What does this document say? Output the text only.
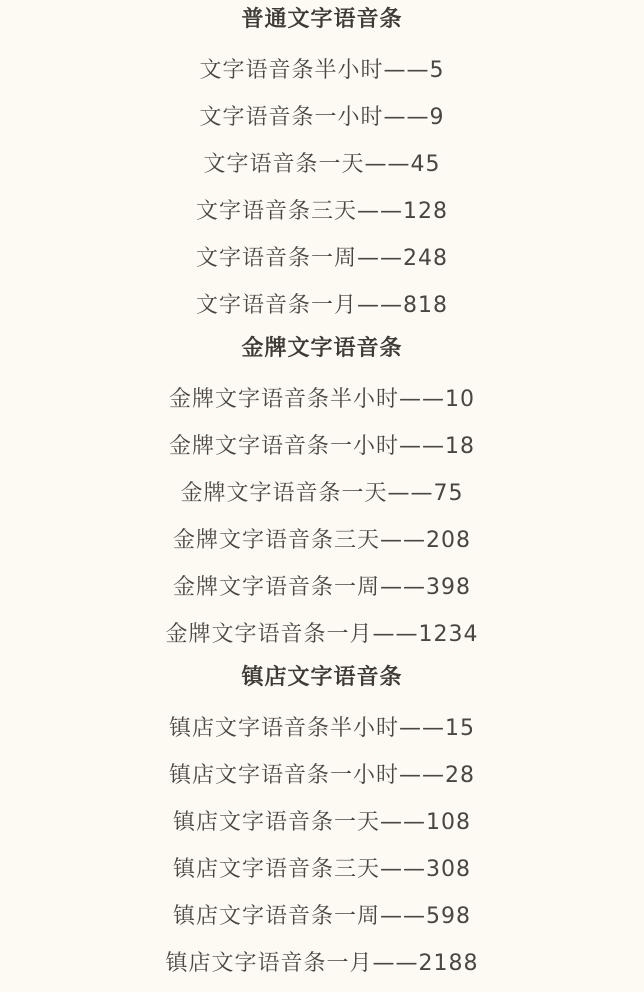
普通文字语音条
文字语音条半小时——5
文字语音条一小时——9
文字语音条一天——45
文字语音条三天——128
文字语音条一周——248
文字语音条一月——818
金牌文字语音条
金牌文字语音条半小时——10
金牌文字语音条一小时——18
金牌文字语音条一天——75
金牌文字语音条三天——208
金牌文字语音条一周——398
金牌文字语音条一月——1234
镇店文字语音条
镇店文字语音条半小时——15
镇店文字语音条一小时——28
镇店文字语音条一天——108
镇店文字语音条三天——308
镇店文字语音条一周——598
镇店文字语音条一月——2188
